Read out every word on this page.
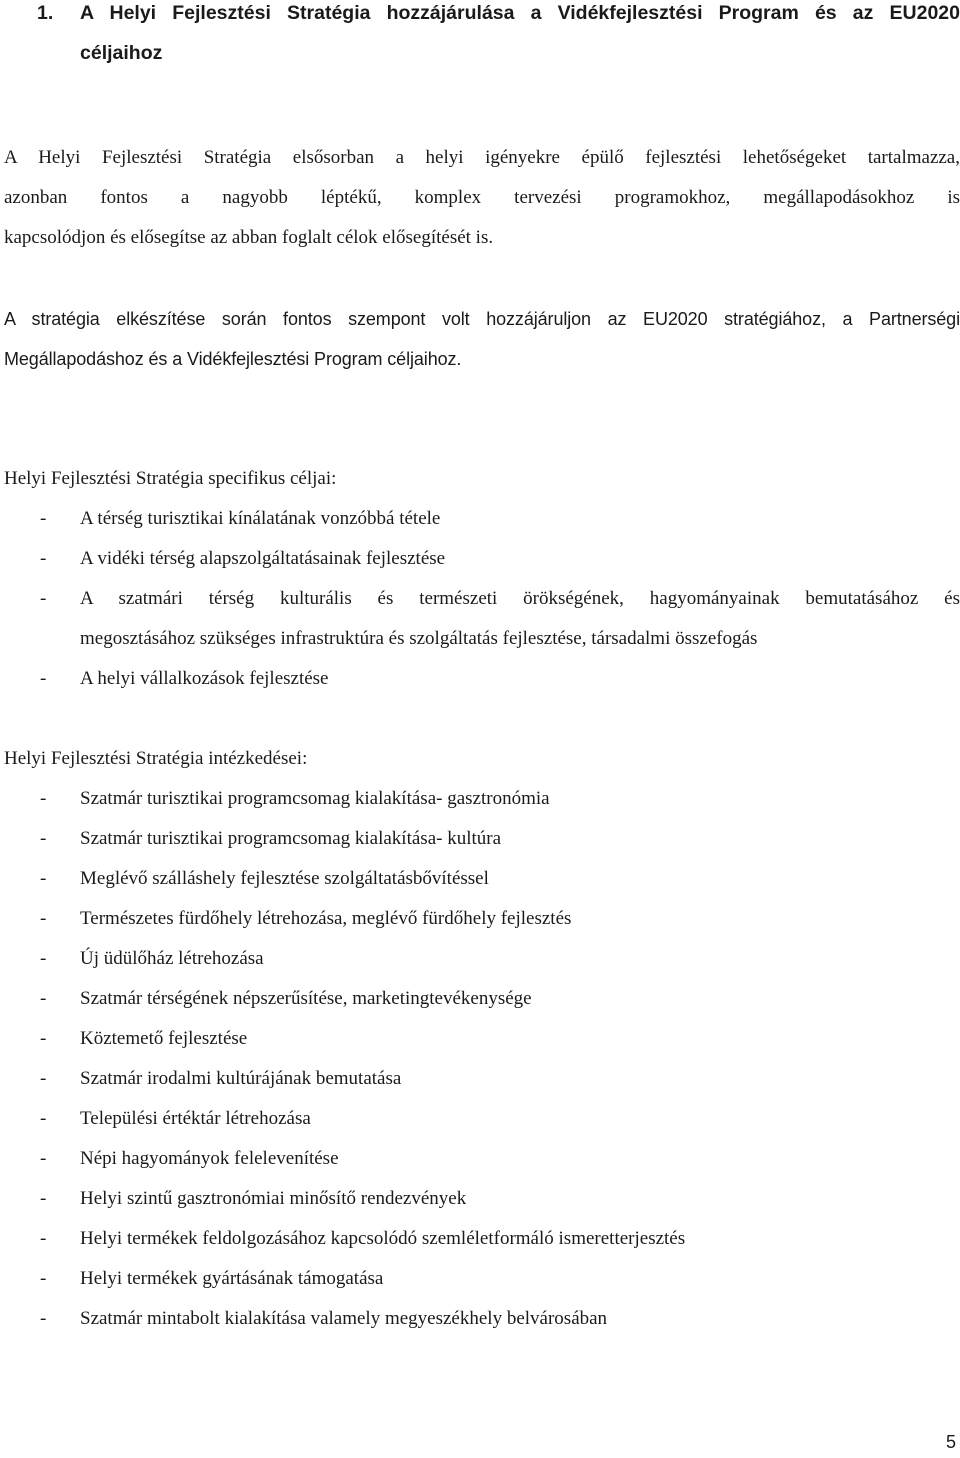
1. A Helyi Fejlesztési Stratégia hozzájárulása a Vidékfejlesztési Program és az EU2020
céljaihoz
A Helyi Fejlesztési Stratégia elsősorban a helyi igényekre épülő fejlesztési lehetőségeket tartalmazza,
azonban fontos a nagyobb léptékű, komplex tervezési programokhoz, megállapodásokhoz is
kapcsolódjon és elősegítse az abban foglalt célok elősegítését is.
A stratégia elkészítése során fontos szempont volt hozzájáruljon az EU2020 stratégiához, a Partnerségi
Megállapodáshoz és a Vidékfejlesztési Program céljaihoz.
Helyi Fejlesztési Stratégia specifikus céljai:
- A térség turisztikai kínálatának vonzóbbá tétele
- A vidéki térség alapszolgáltatásainak fejlesztése
- A szatmári térség kulturális és természeti örökségének, hagyományainak bemutatásához és
megosztásához szükséges infrastruktúra és szolgáltatás fejlesztése, társadalmi összefogás
- A helyi vállalkozások fejlesztése
Helyi Fejlesztési Stratégia intézkedései:
- Szatmár turisztikai programcsomag kialakítása- gasztronómia
- Szatmár turisztikai programcsomag kialakítása- kultúra
- Meglévő szálláshely fejlesztése szolgáltatásbővítéssel
- Természetes fürdőhely létrehozása, meglévő fürdőhely fejlesztés
- Új üdülőház létrehozása
- Szatmár térségének népszerűsítése, marketingtevékenysége
- Köztemető fejlesztése
- Szatmár irodalmi kultúrájának bemutatása
- Települési értéktár létrehozása
- Népi hagyományok felelevenítése
- Helyi szintű gasztronómiai minősítő rendezvények
- Helyi termékek feldolgozásához kapcsolódó szemléletformáló ismeretterjesztés
- Helyi termékek gyártásának támogatása
- Szatmár mintabolt kialakítása valamely megyeszékhely belvárosában
5
